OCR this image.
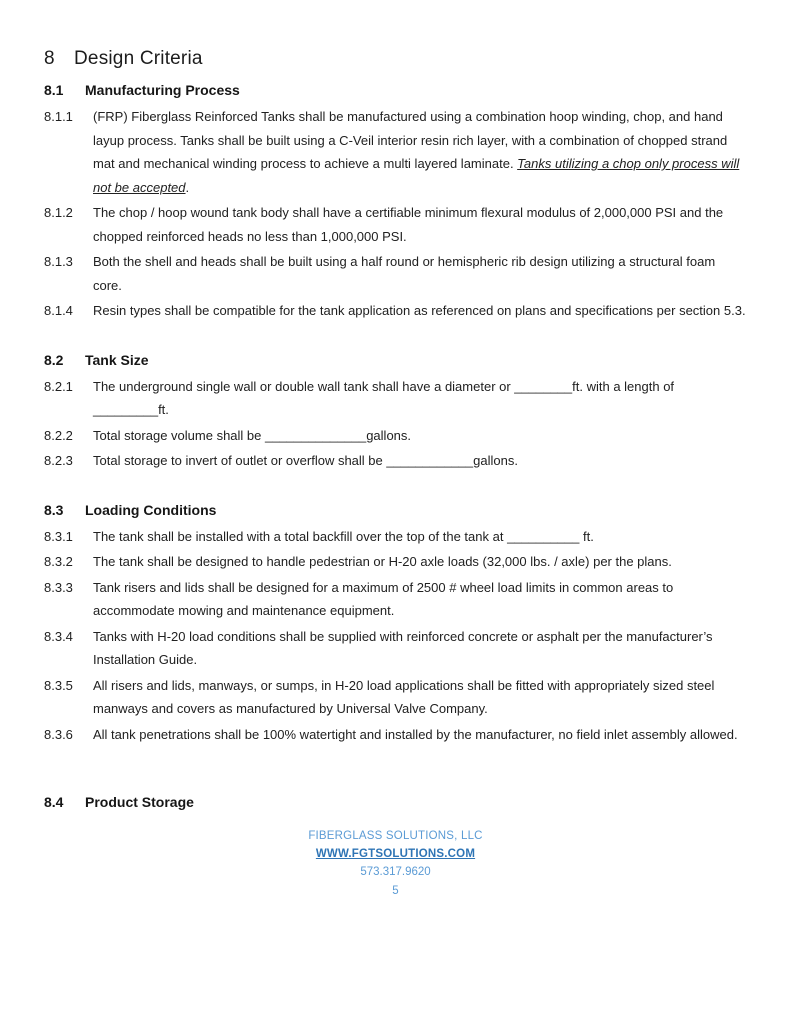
8	Design Criteria
8.1	Manufacturing Process
8.1.1	(FRP) Fiberglass Reinforced Tanks shall be manufactured using a combination hoop winding, chop, and hand layup process. Tanks shall be built using a C-Veil interior resin rich layer, with a combination of chopped strand mat and mechanical winding process to achieve a multi layered laminate. Tanks utilizing a chop only process will not be accepted.
8.1.2	The chop / hoop wound tank body shall have a certifiable minimum flexural modulus of 2,000,000 PSI and the chopped reinforced heads no less than 1,000,000 PSI.
8.1.3	Both the shell and heads shall be built using a half round or hemispheric rib design utilizing a structural foam core.
8.1.4	Resin types shall be compatible for the tank application as referenced on plans and specifications per section 5.3.
8.2	Tank Size
8.2.1	The underground single wall or double wall tank shall have a diameter or ________ft. with a length of _________ft.
8.2.2	Total storage volume shall be ______________gallons.
8.2.3	Total storage to invert of outlet or overflow shall be ____________gallons.
8.3	Loading Conditions
8.3.1	The tank shall be installed with a total backfill over the top of the tank at __________ ft.
8.3.2	The tank shall be designed to handle pedestrian or H-20 axle loads (32,000 lbs. / axle) per the plans.
8.3.3	Tank risers and lids shall be designed for a maximum of 2500 # wheel load limits in common areas to accommodate mowing and maintenance equipment.
8.3.4	Tanks with H-20 load conditions shall be supplied with reinforced concrete or asphalt per the manufacturer’s Installation Guide.
8.3.5	All risers and lids, manways, or sumps, in H-20 load applications shall be fitted with appropriately sized steel manways and covers as manufactured by Universal Valve Company.
8.3.6	All tank penetrations shall be 100% watertight and installed by the manufacturer, no field inlet assembly allowed.
8.4	Product Storage
FIBERGLASS SOLUTIONS, LLC
WWW.FGTSOLUTIONS.COM
573.317.9620
5
